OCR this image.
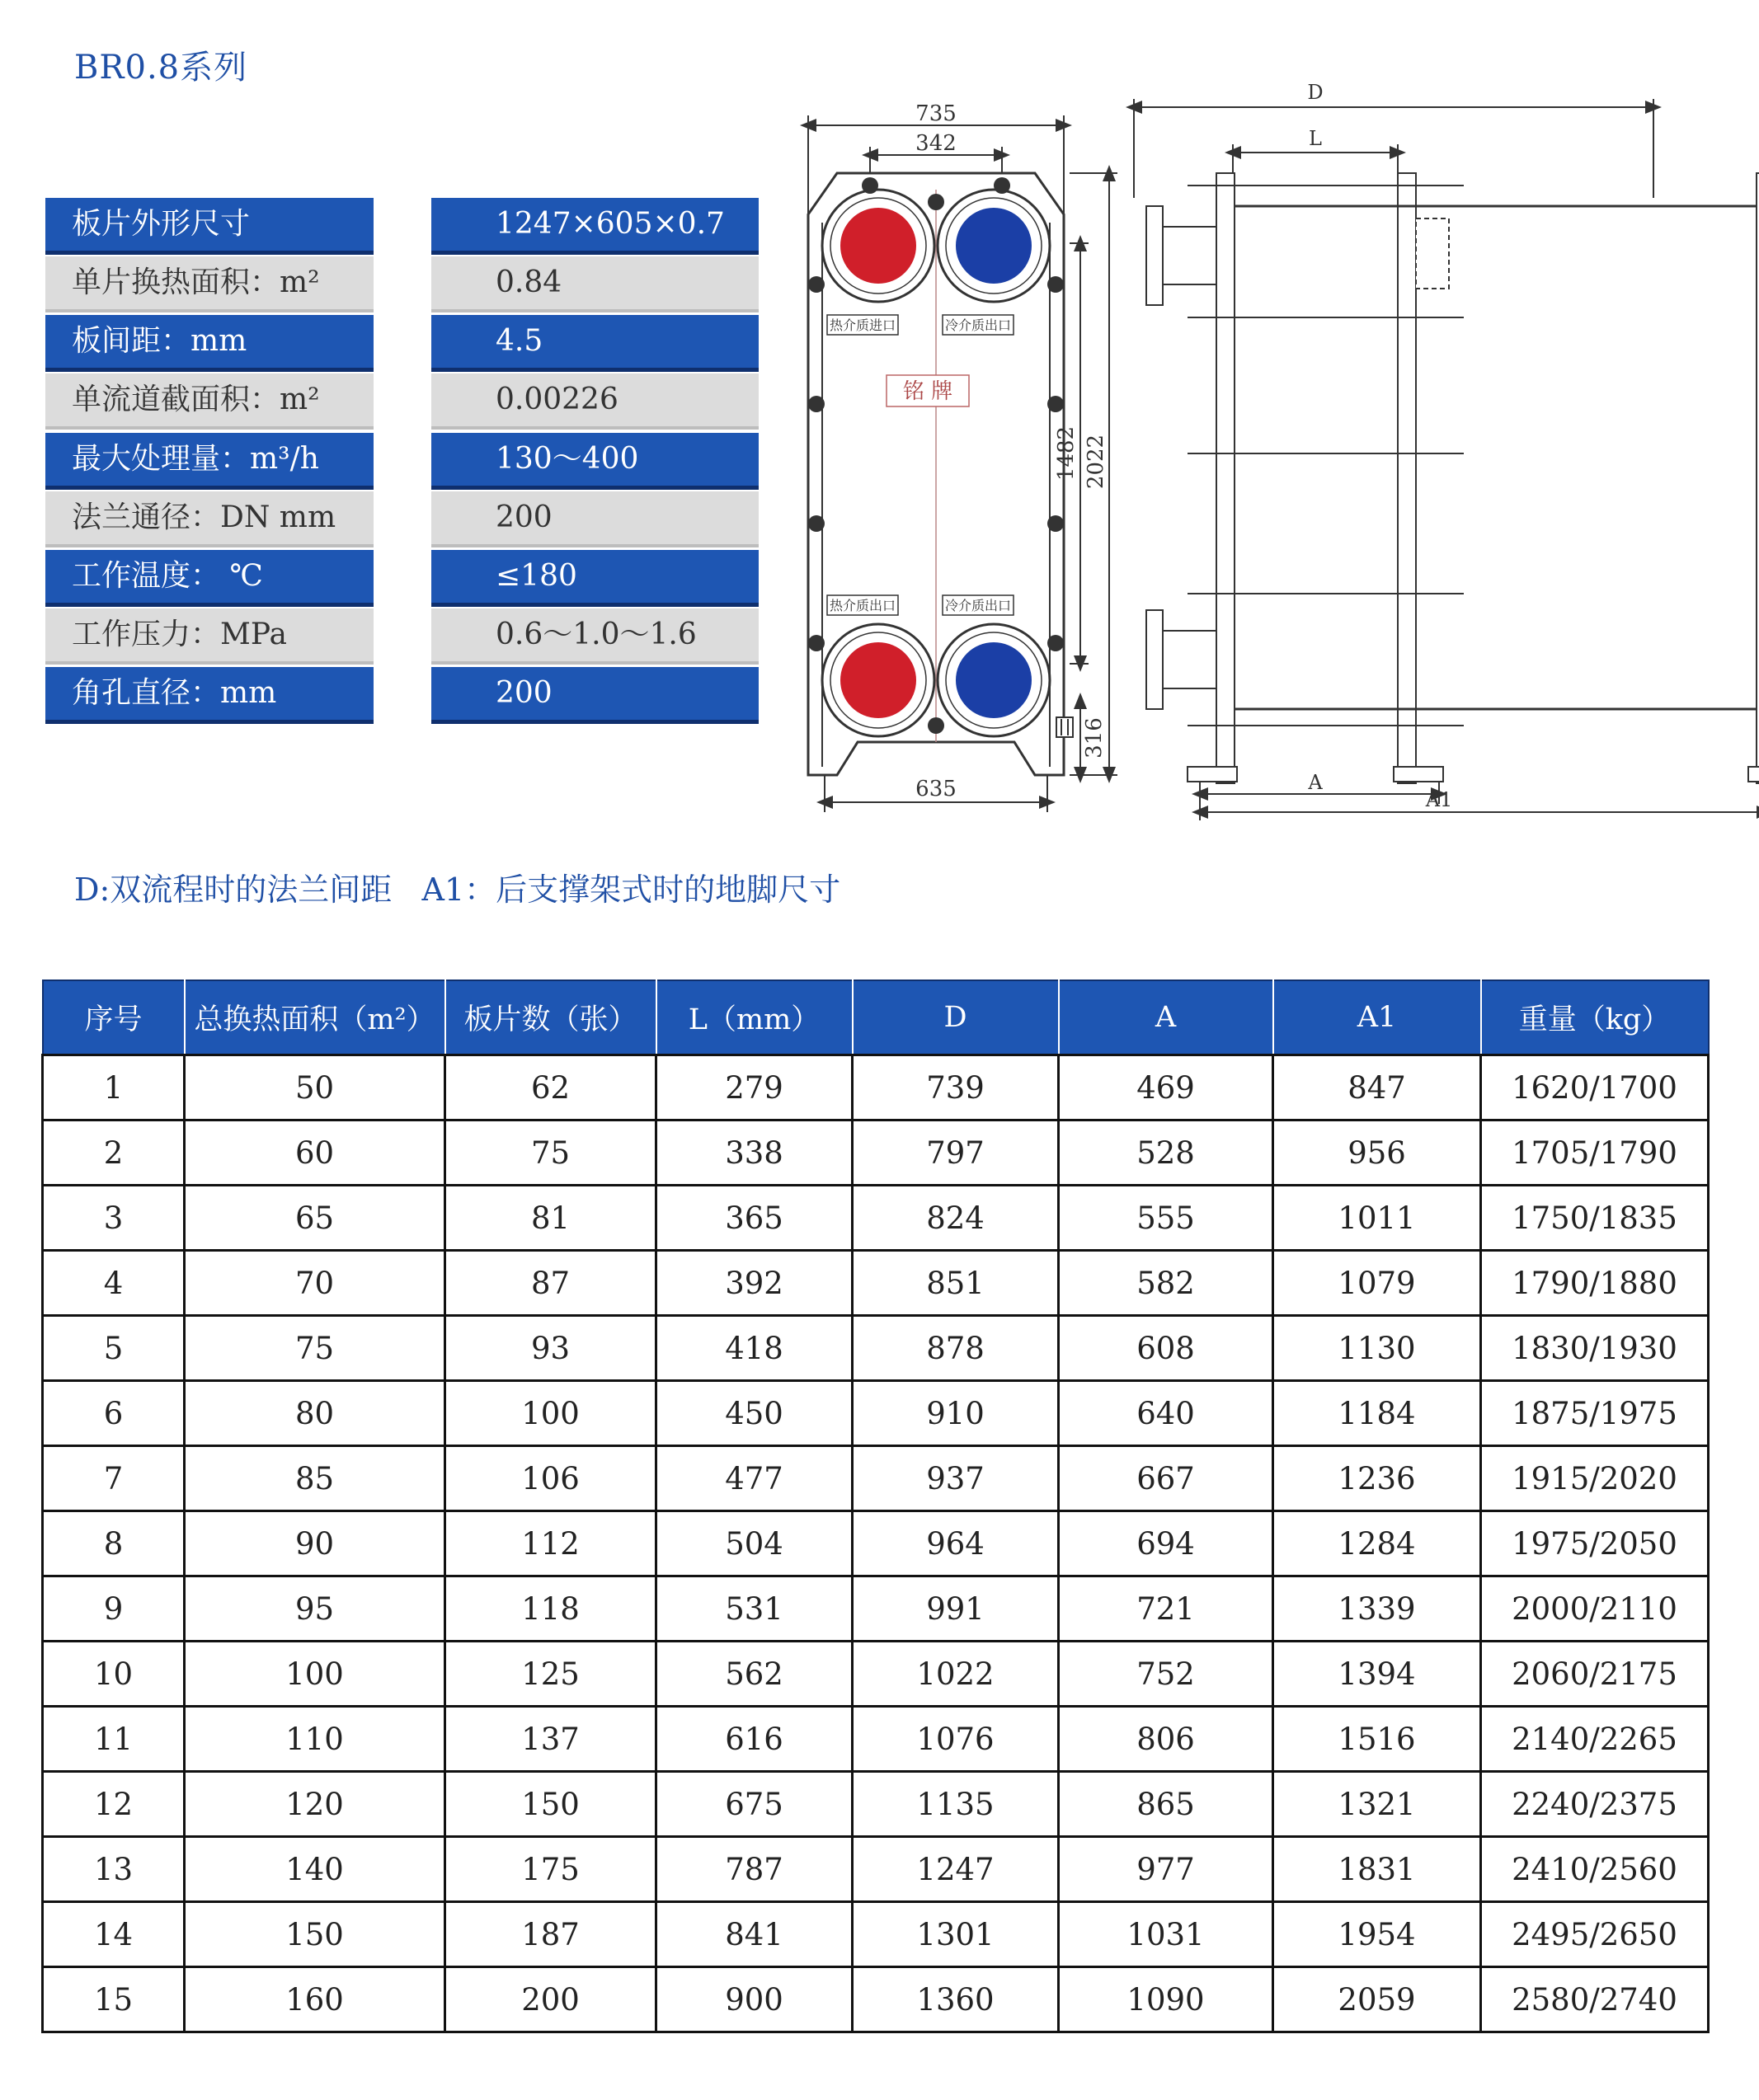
BR0.8系列
板片外形尺寸	1247×605×0.7
单片换热面积：m²	0.84
板间距：mm	4.5
单流道截面积：m²	0.00226
最大处理量：m³/h	130～400
法兰通径：DN mm	200
工作温度： ℃	≤180
工作压力：MPa	0.6～1.0～1.6
角孔直径：mm	200
热介质进口	冷介质出口
热介质出口	冷介质出口
铭 牌
735
342
635
1482 2022
316
D
L
A
A1
D:双流程时的法兰间距   A1：后支撑架式时的地脚尺寸
序号	总换热面积（m²）	板片数（张）	L（mm）	D	A	A1	重量（kg）
1	50	62	279	739	469	847	1620/1700
2	60	75	338	797	528	956	1705/1790
3	65	81	365	824	555	1011	1750/1835
4	70	87	392	851	582	1079	1790/1880
5	75	93	418	878	608	1130	1830/1930
6	80	100	450	910	640	1184	1875/1975
7	85	106	477	937	667	1236	1915/2020
8	90	112	504	964	694	1284	1975/2050
9	95	118	531	991	721	1339	2000/2110
10	100	125	562	1022	752	1394	2060/2175
11	110	137	616	1076	806	1516	2140/2265
12	120	150	675	1135	865	1321	2240/2375
13	140	175	787	1247	977	1831	2410/2560
14	150	187	841	1301	1031	1954	2495/2650
15	160	200	900	1360	1090	2059	2580/2740
